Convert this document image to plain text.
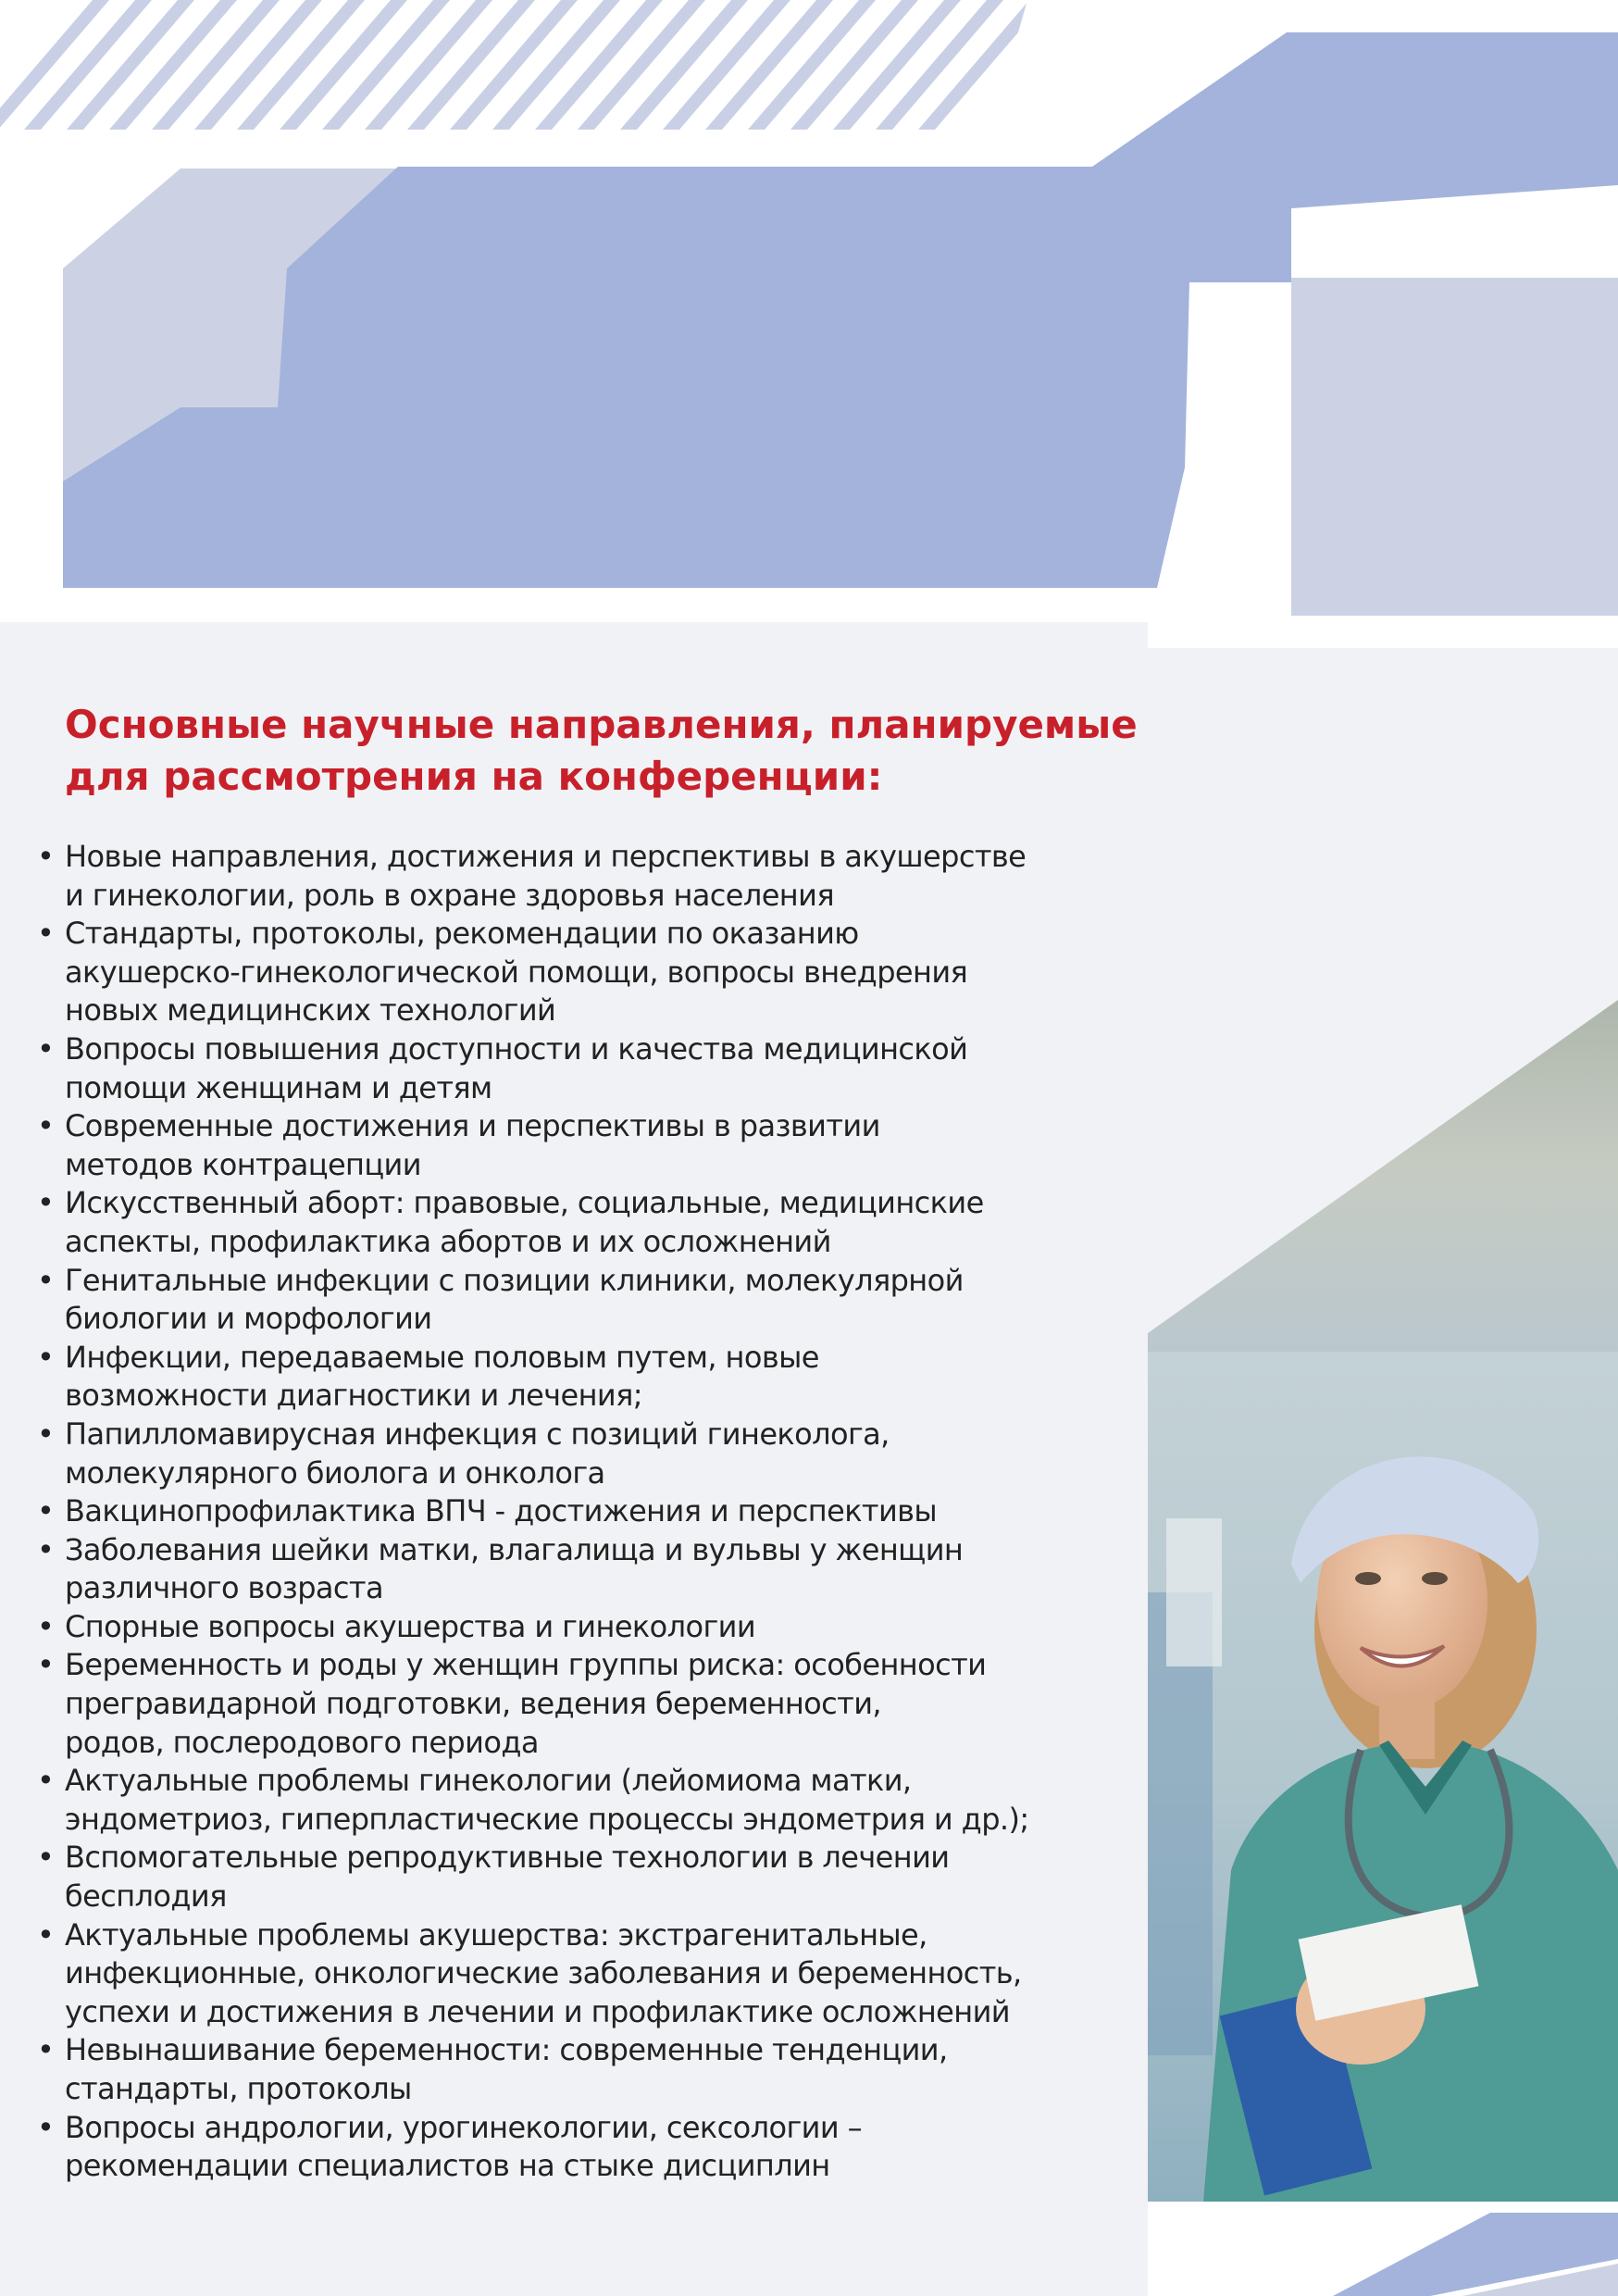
Основные научные направления, планируемые
для рассмотрения на конференции:
• Новые направления, достижения и перспективы в акушерстве
и гинекологии, роль в охране здоровья населения
• Стандарты, протоколы, рекомендации по оказанию
акушерско-гинекологической помощи, вопросы внедрения
новых медицинских технологий
• Вопросы повышения доступности и качества медицинской
помощи женщинам и детям
• Современные достижения и перспективы в развитии
методов контрацепции
• Искусственный аборт: правовые, социальные, медицинские
аспекты, профилактика абортов и их осложнений
• Генитальные инфекции с позиции клиники, молекулярной
биологии и морфологии
• Инфекции, передаваемые половым путем, новые
возможности диагностики и лечения;
• Папилломавирусная инфекция с позиций гинеколога,
молекулярного биолога и онколога
• Вакцинопрофилактика ВПЧ - достижения и перспективы
• Заболевания шейки матки, влагалища и вульвы у женщин
различного возраста
• Спорные вопросы акушерства и гинекологии
• Беременность и роды у женщин группы риска: особенности
прегравидарной подготовки, ведения беременности,
родов, послеродового периода
• Актуальные проблемы гинекологии (лейомиома матки,
эндометриоз, гиперпластические процессы эндометрия и др.);
• Вспомогательные репродуктивные технологии в лечении
бесплодия
• Актуальные проблемы акушерства: экстрагенитальные,
инфекционные, онкологические заболевания и беременность,
успехи и достижения в лечении и профилактике осложнений
• Невынашивание беременности: современные тенденции,
стандарты, протоколы
• Вопросы андрологии, урогинекологии, сексологии –
рекомендации специалистов на стыке дисциплин
